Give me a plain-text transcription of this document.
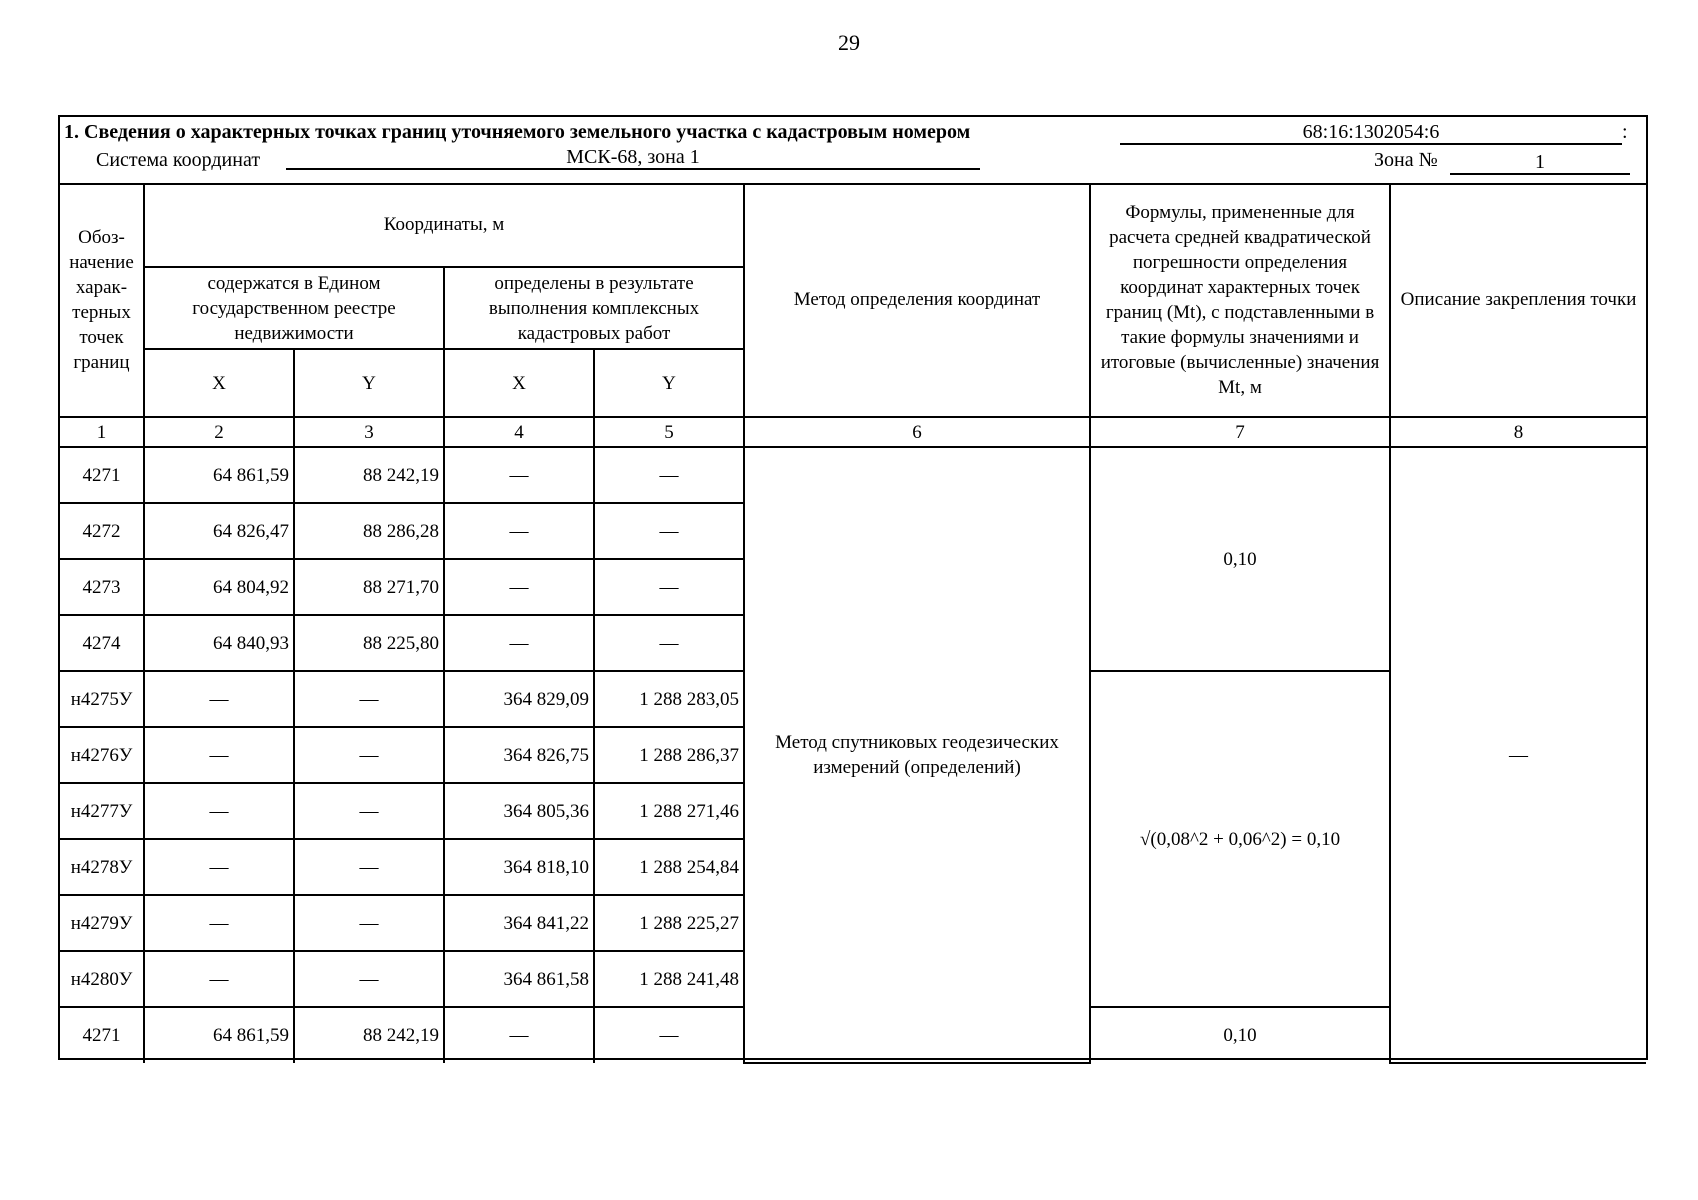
29
1. Сведения о характерных точках границ уточняемого земельного участка с кадастровым номером	68:16:1302054:6	:
Система координат	МСК-68, зона 1	Зона №	1
Обоз-начение харак-терных точек границ	Координаты, м				Метод определения координат	Формулы, примененные для расчета средней квадратической погрешности определения координат характерных точек границ (Mt), с подставленными в такие формулы значениями и итоговые (вычисленные) значения Mt, м	Описание закрепления точки
	содержатся в Едином государственном реестре недвижимости		определены в результате выполнения комплексных кадастровых работ				
	X	Y	X	Y			
1	2	3	4	5	6	7	8
4271	64 861,59	88 242,19	—	—	Метод спутниковых геодезических измерений (определений)	0,10	—
4272	64 826,47	88 286,28	—	—			
4273	64 804,92	88 271,70	—	—			
4274	64 840,93	88 225,80	—	—			
н4275У	—	—	364 829,09	1 288 283,05		√(0,08^2 + 0,06^2) = 0,10	
н4276У	—	—	364 826,75	1 288 286,37			
н4277У	—	—	364 805,36	1 288 271,46			
н4278У	—	—	364 818,10	1 288 254,84			
н4279У	—	—	364 841,22	1 288 225,27			
н4280У	—	—	364 861,58	1 288 241,48			
4271	64 861,59	88 242,19	—	—		0,10	
